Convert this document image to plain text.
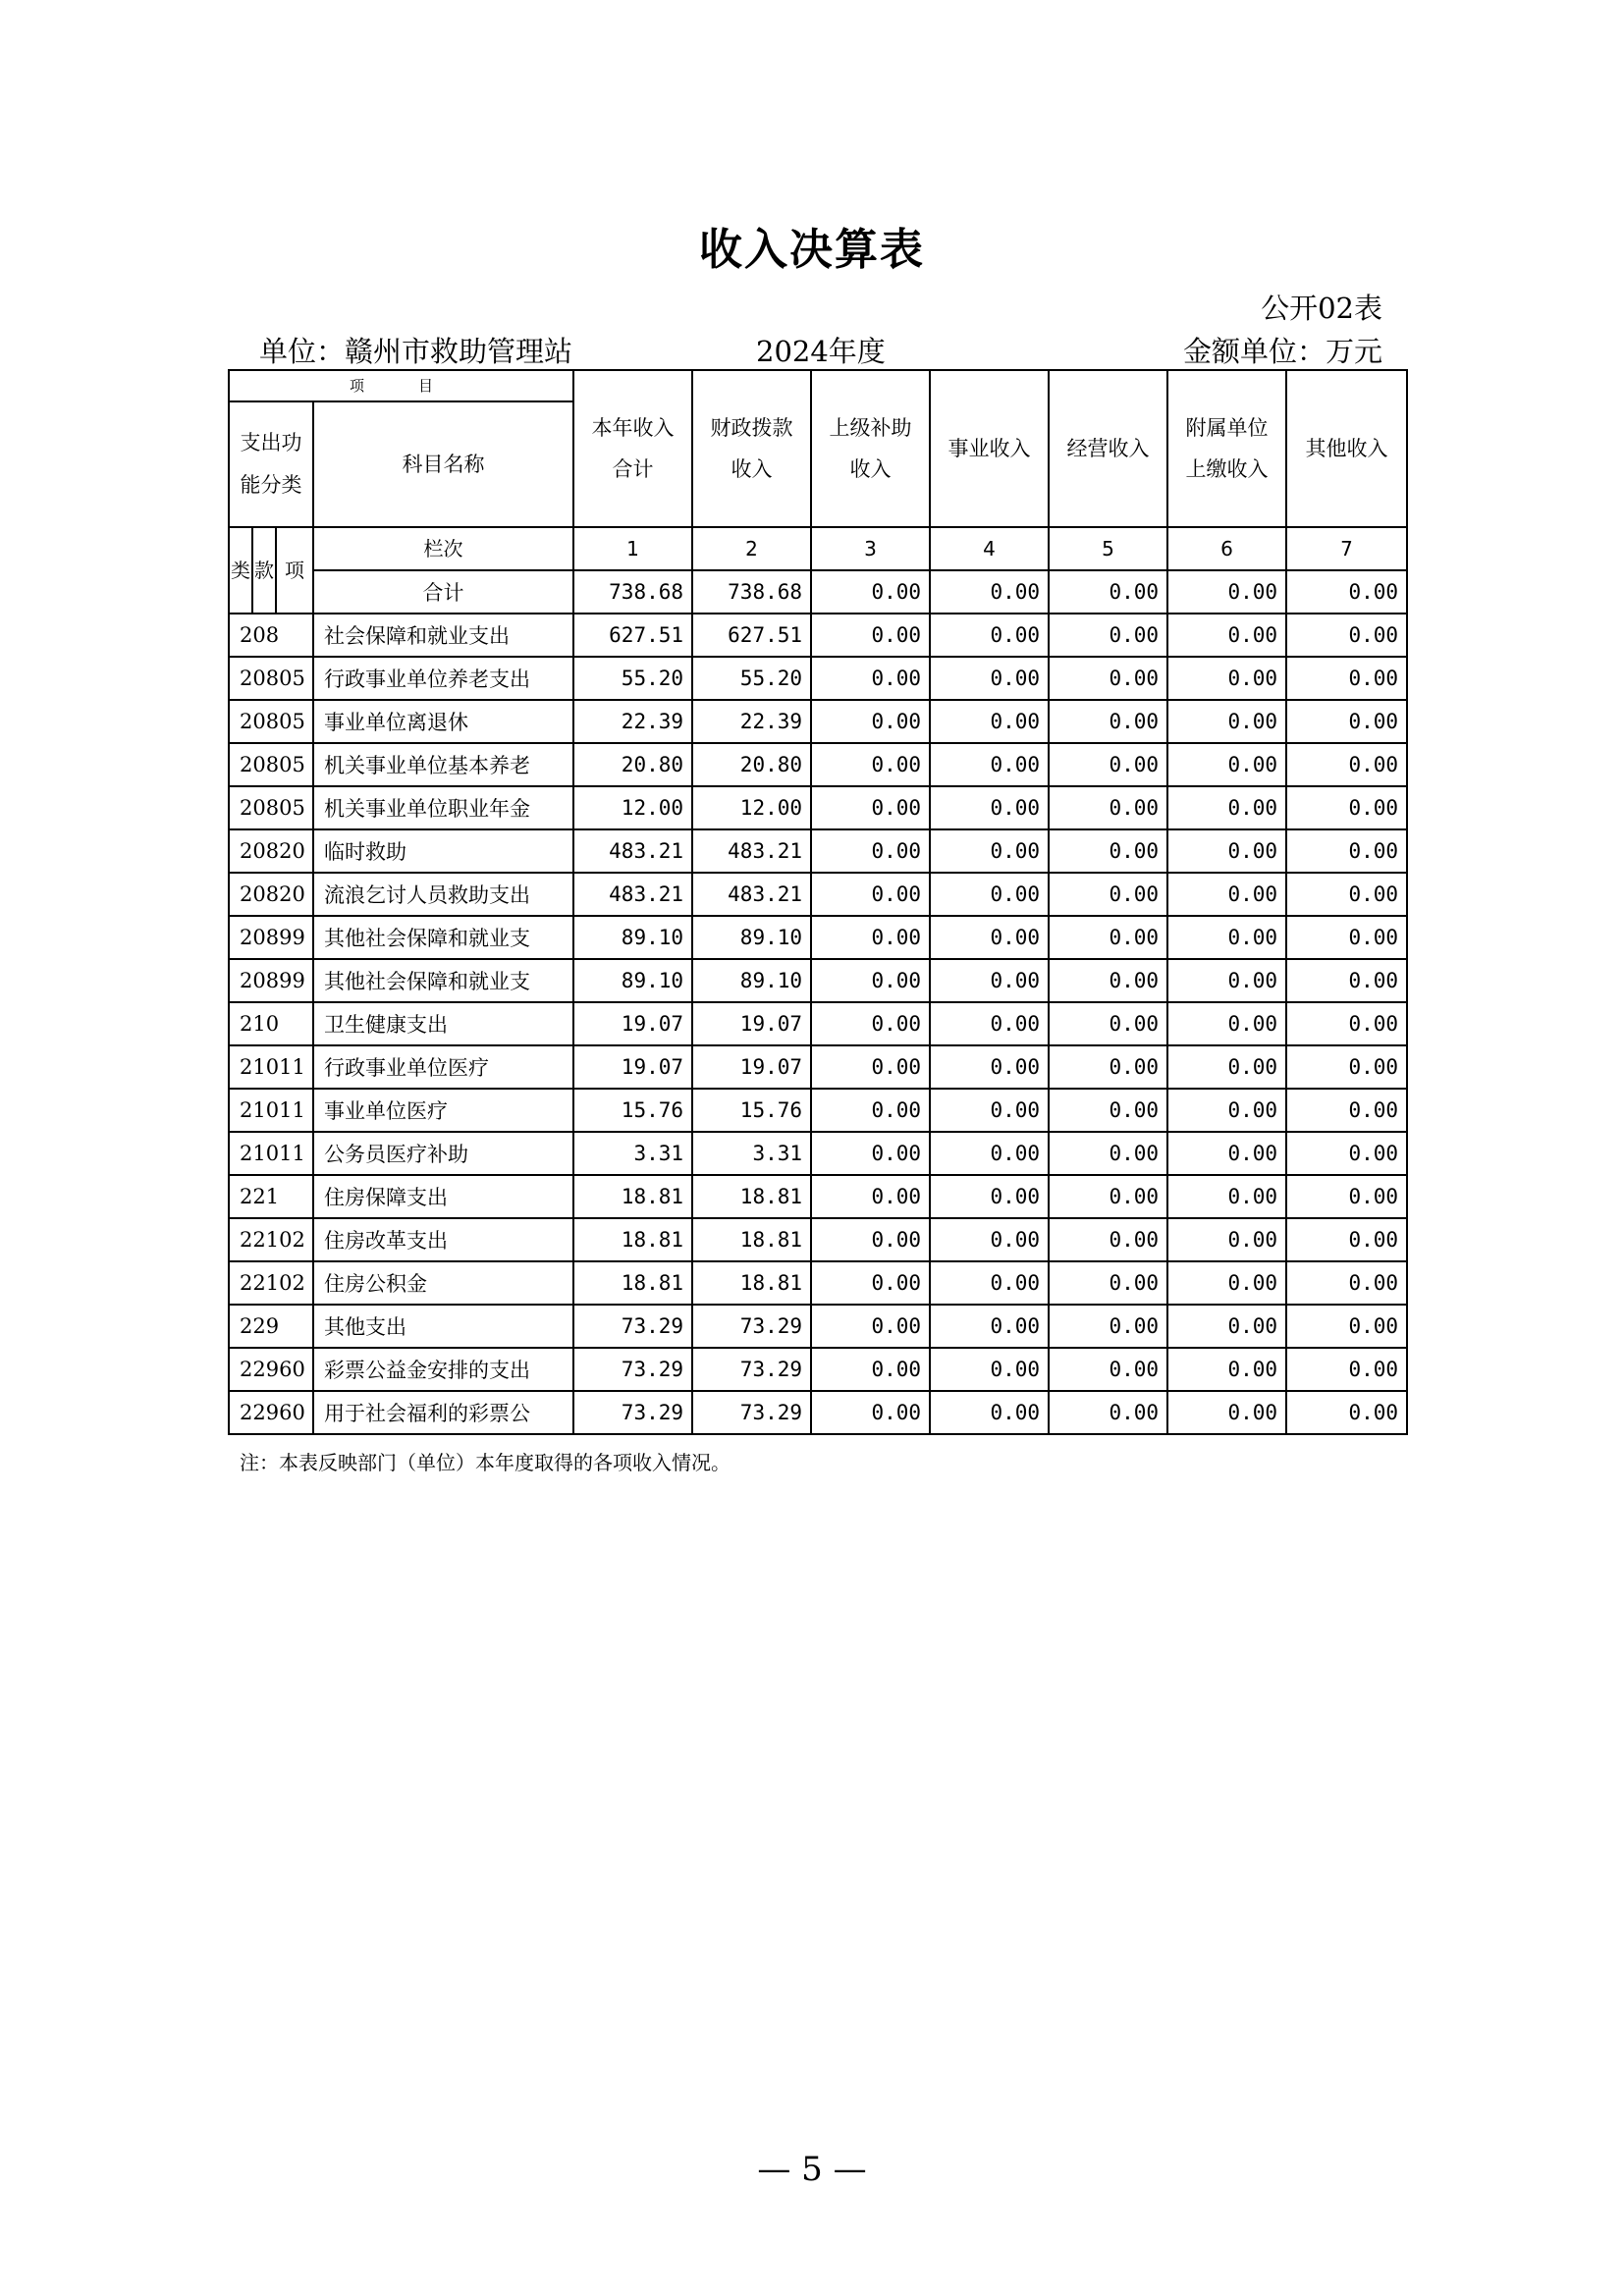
收入决算表
公开02表
单位：赣州市救助管理站	2024年度	金额单位：万元
项　目				本年收入合计	财政拨款收入	上级补助收入	事业收入	经营收入	附属单位上缴收入	其他收入
支出功能分类			科目名称							
类	款	项	栏次	1	2	3	4	5	6	7
			合计	738.68	738.68	0.00	0.00	0.00	0.00	0.00
208			社会保障和就业支出	627.51	627.51	0.00	0.00	0.00	0.00	0.00
20805			行政事业单位养老支出	55.20	55.20	0.00	0.00	0.00	0.00	0.00
20805			事业单位离退休	22.39	22.39	0.00	0.00	0.00	0.00	0.00
20805			机关事业单位基本养老	20.80	20.80	0.00	0.00	0.00	0.00	0.00
20805			机关事业单位职业年金	12.00	12.00	0.00	0.00	0.00	0.00	0.00
20820			临时救助	483.21	483.21	0.00	0.00	0.00	0.00	0.00
20820			流浪乞讨人员救助支出	483.21	483.21	0.00	0.00	0.00	0.00	0.00
20899			其他社会保障和就业支	89.10	89.10	0.00	0.00	0.00	0.00	0.00
20899			其他社会保障和就业支	89.10	89.10	0.00	0.00	0.00	0.00	0.00
210			卫生健康支出	19.07	19.07	0.00	0.00	0.00	0.00	0.00
21011			行政事业单位医疗	19.07	19.07	0.00	0.00	0.00	0.00	0.00
21011			事业单位医疗	15.76	15.76	0.00	0.00	0.00	0.00	0.00
21011			公务员医疗补助	3.31	3.31	0.00	0.00	0.00	0.00	0.00
221			住房保障支出	18.81	18.81	0.00	0.00	0.00	0.00	0.00
22102			住房改革支出	18.81	18.81	0.00	0.00	0.00	0.00	0.00
22102			住房公积金	18.81	18.81	0.00	0.00	0.00	0.00	0.00
229			其他支出	73.29	73.29	0.00	0.00	0.00	0.00	0.00
22960			彩票公益金安排的支出	73.29	73.29	0.00	0.00	0.00	0.00	0.00
22960			用于社会福利的彩票公	73.29	73.29	0.00	0.00	0.00	0.00	0.00
注：本表反映部门（单位）本年度取得的各项收入情况。
— 5 —
